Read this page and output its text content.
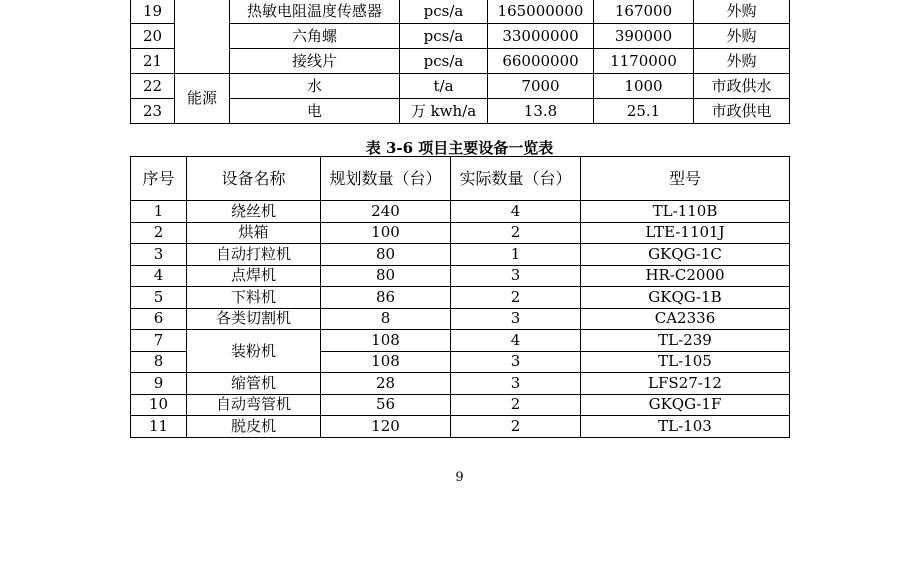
19		热敏电阻温度传感器	pcs/a	165000000	167000	外购
20		六角螺	pcs/a	33000000	390000	外购
21		接线片	pcs/a	66000000	1170000	外购
22	能源	水	t/a	7000	1000	市政供水
23		电	万 kwh/a	13.8	25.1	市政供电
表 3-6 项目主要设备一览表
序号	设备名称	规划数量（台）	实际数量（台）	型号
1	绕丝机	240	4	TL-110B
2	烘箱	100	2	LTE-1101J
3	自动打粒机	80	1	GKQG-1C
4	点焊机	80	3	HR-C2000
5	下料机	86	2	GKQG-1B
6	各类切割机	8	3	CA2336
7	装粉机	108	4	TL-239
8		108	3	TL-105
9	缩管机	28	3	LFS27-12
10	自动弯管机	56	2	GKQG-1F
11	脱皮机	120	2	TL-103
9
